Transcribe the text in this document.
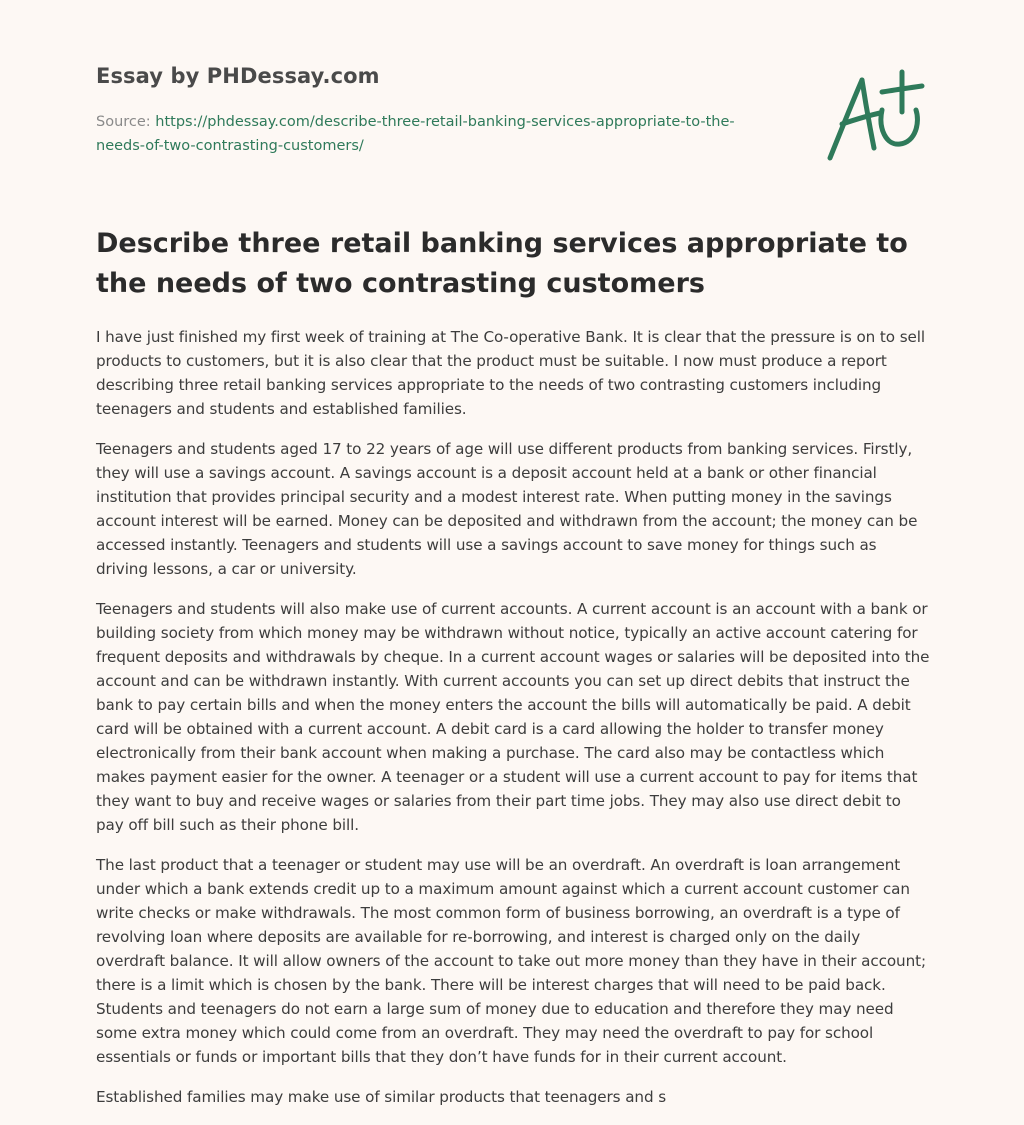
Essay by PHDessay.com
Source: https://phdessay.com/describe-three-retail-banking-services-appropriate-to-the-needs-of-two-contrasting-customers/
Describe three retail banking services appropriate to the needs of two contrasting customers

I have just finished my first week of training at The Co-operative Bank. It is clear that the pressure is on to sell products to customers, but it is also clear that the product must be suitable. I now must produce a report describing three retail banking services appropriate to the needs of two contrasting customers including teenagers and students and established families.

Teenagers and students aged 17 to 22 years of age will use different products from banking services. Firstly, they will use a savings account. A savings account is a deposit account held at a bank or other financial institution that provides principal security and a modest interest rate. When putting money in the savings account interest will be earned. Money can be deposited and withdrawn from the account; the money can be accessed instantly. Teenagers and students will use a savings account to save money for things such as driving lessons, a car or university.

Teenagers and students will also make use of current accounts. A current account is an account with a bank or building society from which money may be withdrawn without notice, typically an active account catering for frequent deposits and withdrawals by cheque. In a current account wages or salaries will be deposited into the account and can be withdrawn instantly. With current accounts you can set up direct debits that instruct the bank to pay certain bills and when the money enters the account the bills will automatically be paid. A debit card will be obtained with a current account. A debit card is a card allowing the holder to transfer money electronically from their bank account when making a purchase. The card also may be contactless which makes payment easier for the owner. A teenager or a student will use a current account to pay for items that they want to buy and receive wages or salaries from their part time jobs. They may also use direct debit to pay off bill such as their phone bill.

The last product that a teenager or student may use will be an overdraft. An overdraft is loan arrangement under which a bank extends credit up to a maximum amount against which a current account customer can write checks or make withdrawals. The most common form of business borrowing, an overdraft is a type of revolving loan where deposits are available for re-borrowing, and interest is charged only on the daily overdraft balance. It will allow owners of the account to take out more money than they have in their account; there is a limit which is chosen by the bank. There will be interest charges that will need to be paid back. Students and teenagers do not earn a large sum of money due to education and therefore they may need some extra money which could come from an overdraft. They may need the overdraft to pay for school essentials or funds or important bills that they don’t have funds for in their current account.

Established families may make use of similar products that teenagers and s
